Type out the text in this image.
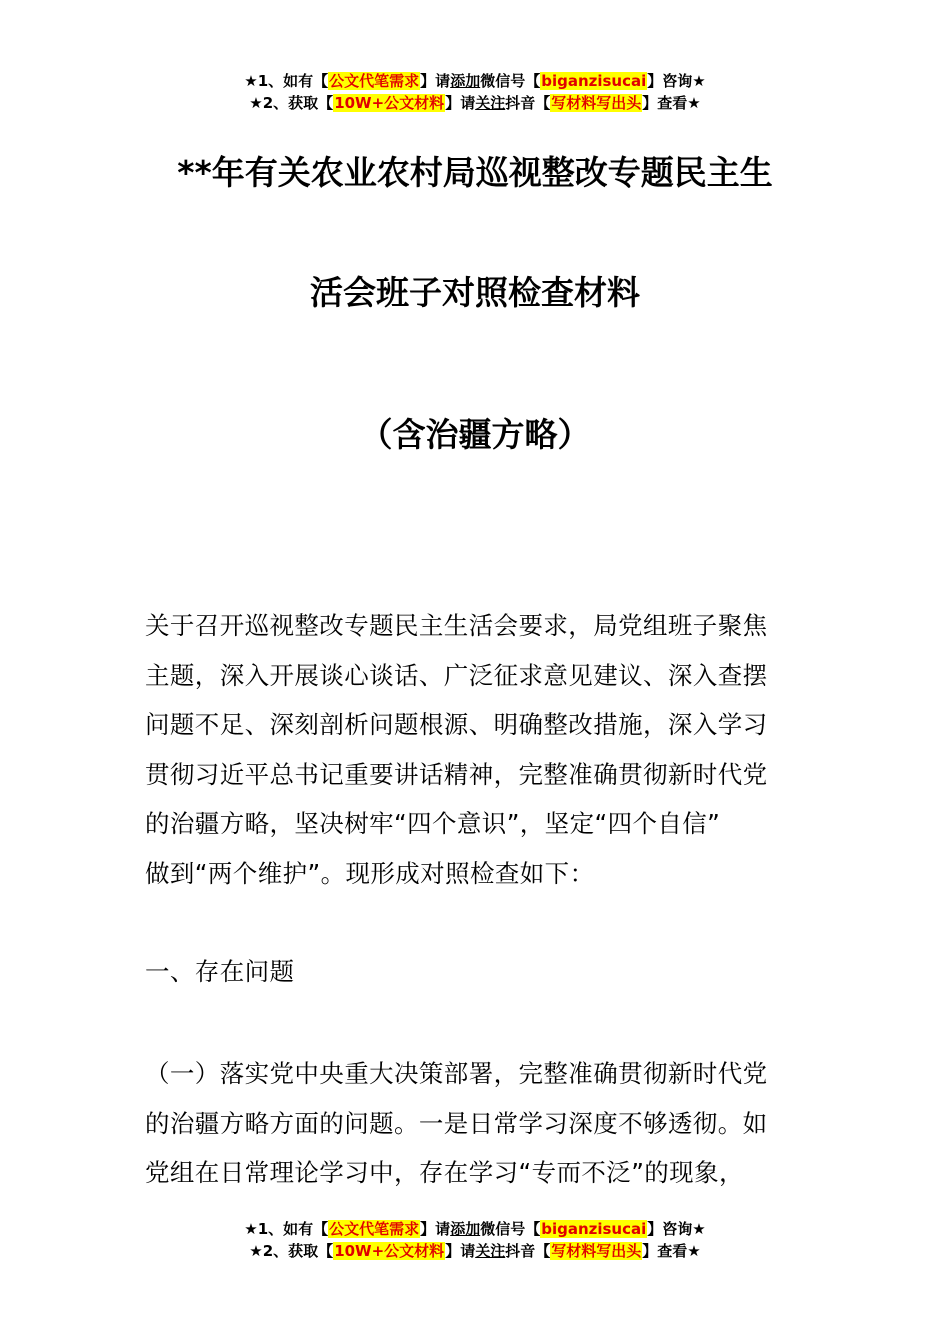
★1、如有【公文代笔需求】请添加微信号【biganzisucai】咨询★
★2、获取【10W+公文材料】请关注抖音【写材料写出头】查看★
**年有关农业农村局巡视整改专题民主生
活会班子对照检查材料
（含治疆方略）
关于召开巡视整改专题民主生活会要求，局党组班子聚焦
主题，深入开展谈心谈话、广泛征求意见建议、深入查摆
问题不足、深刻剖析问题根源、明确整改措施，深入学习
贯彻习近平总书记重要讲话精神，完整准确贯彻新时代党
的治疆方略，坚决树牢“四个意识”，坚定“四个自信”
做到“两个维护”。现形成对照检查如下：
一、存在问题
（一）落实党中央重大决策部署，完整准确贯彻新时代党
的治疆方略方面的问题。一是日常学习深度不够透彻。如
党组在日常理论学习中，存在学习“专而不泛”的现象，
★1、如有【公文代笔需求】请添加微信号【biganzisucai】咨询★
★2、获取【10W+公文材料】请关注抖音【写材料写出头】查看★
